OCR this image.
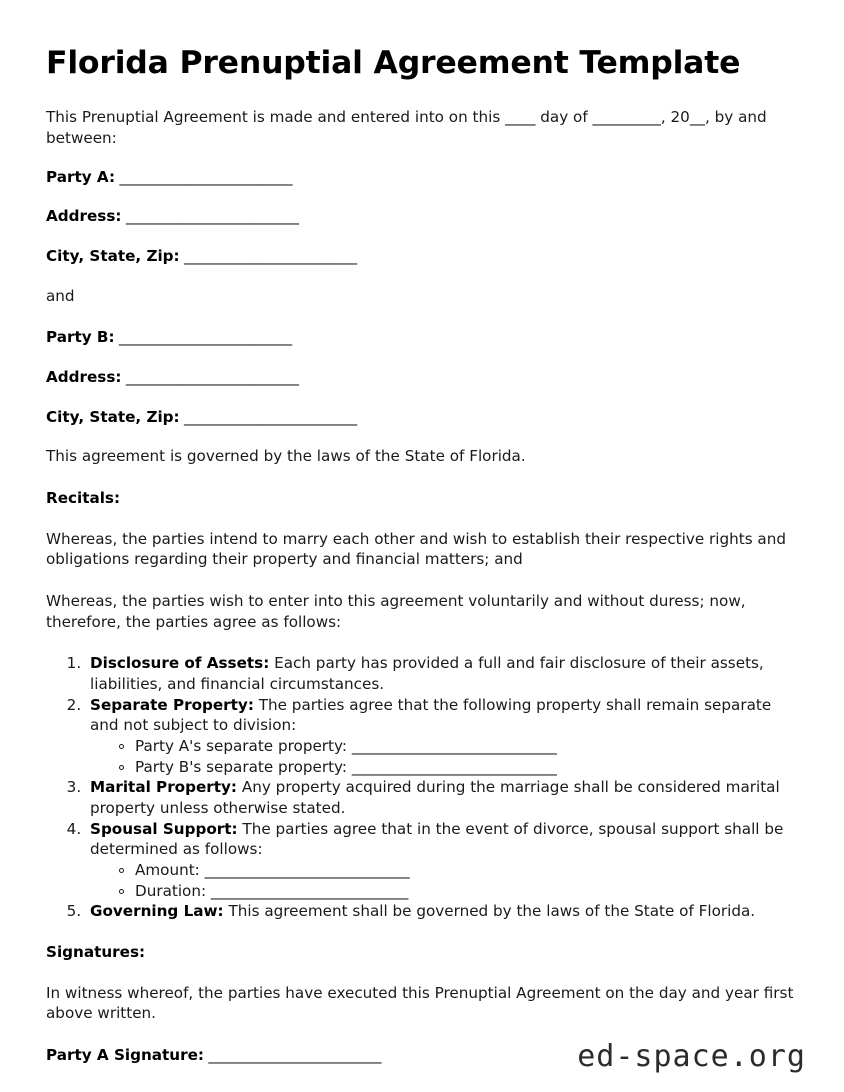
Florida Prenuptial Agreement Template

This Prenuptial Agreement is made and entered into on this ____ day of _________, 20__, by and between:

Party A: ________________________
Address: ________________________
City, State, Zip: ________________________

and

Party B: ________________________
Address: ________________________
City, State, Zip: ________________________

This agreement is governed by the laws of the State of Florida.

Recitals:

Whereas, the parties intend to marry each other and wish to establish their respective rights and obligations regarding their property and financial matters; and

Whereas, the parties wish to enter into this agreement voluntarily and without duress; now, therefore, the parties agree as follows:

1. Disclosure of Assets: Each party has provided a full and fair disclosure of their assets, liabilities, and financial circumstances.
2. Separate Property: The parties agree that the following property shall remain separate and not subject to division:
Party A's separate property: ___________________________
Party B's separate property: ___________________________
3. Marital Property: Any property acquired during the marriage shall be considered marital property unless otherwise stated.
4. Spousal Support: The parties agree that in the event of divorce, spousal support shall be determined as follows:
Amount: ___________________________
Duration: __________________________
5. Governing Law: This agreement shall be governed by the laws of the State of Florida.
Signatures:

In witness whereof, the parties have executed this Prenuptial Agreement on the day and year first above written.

Party A Signature: ________________________	ed-space.org
